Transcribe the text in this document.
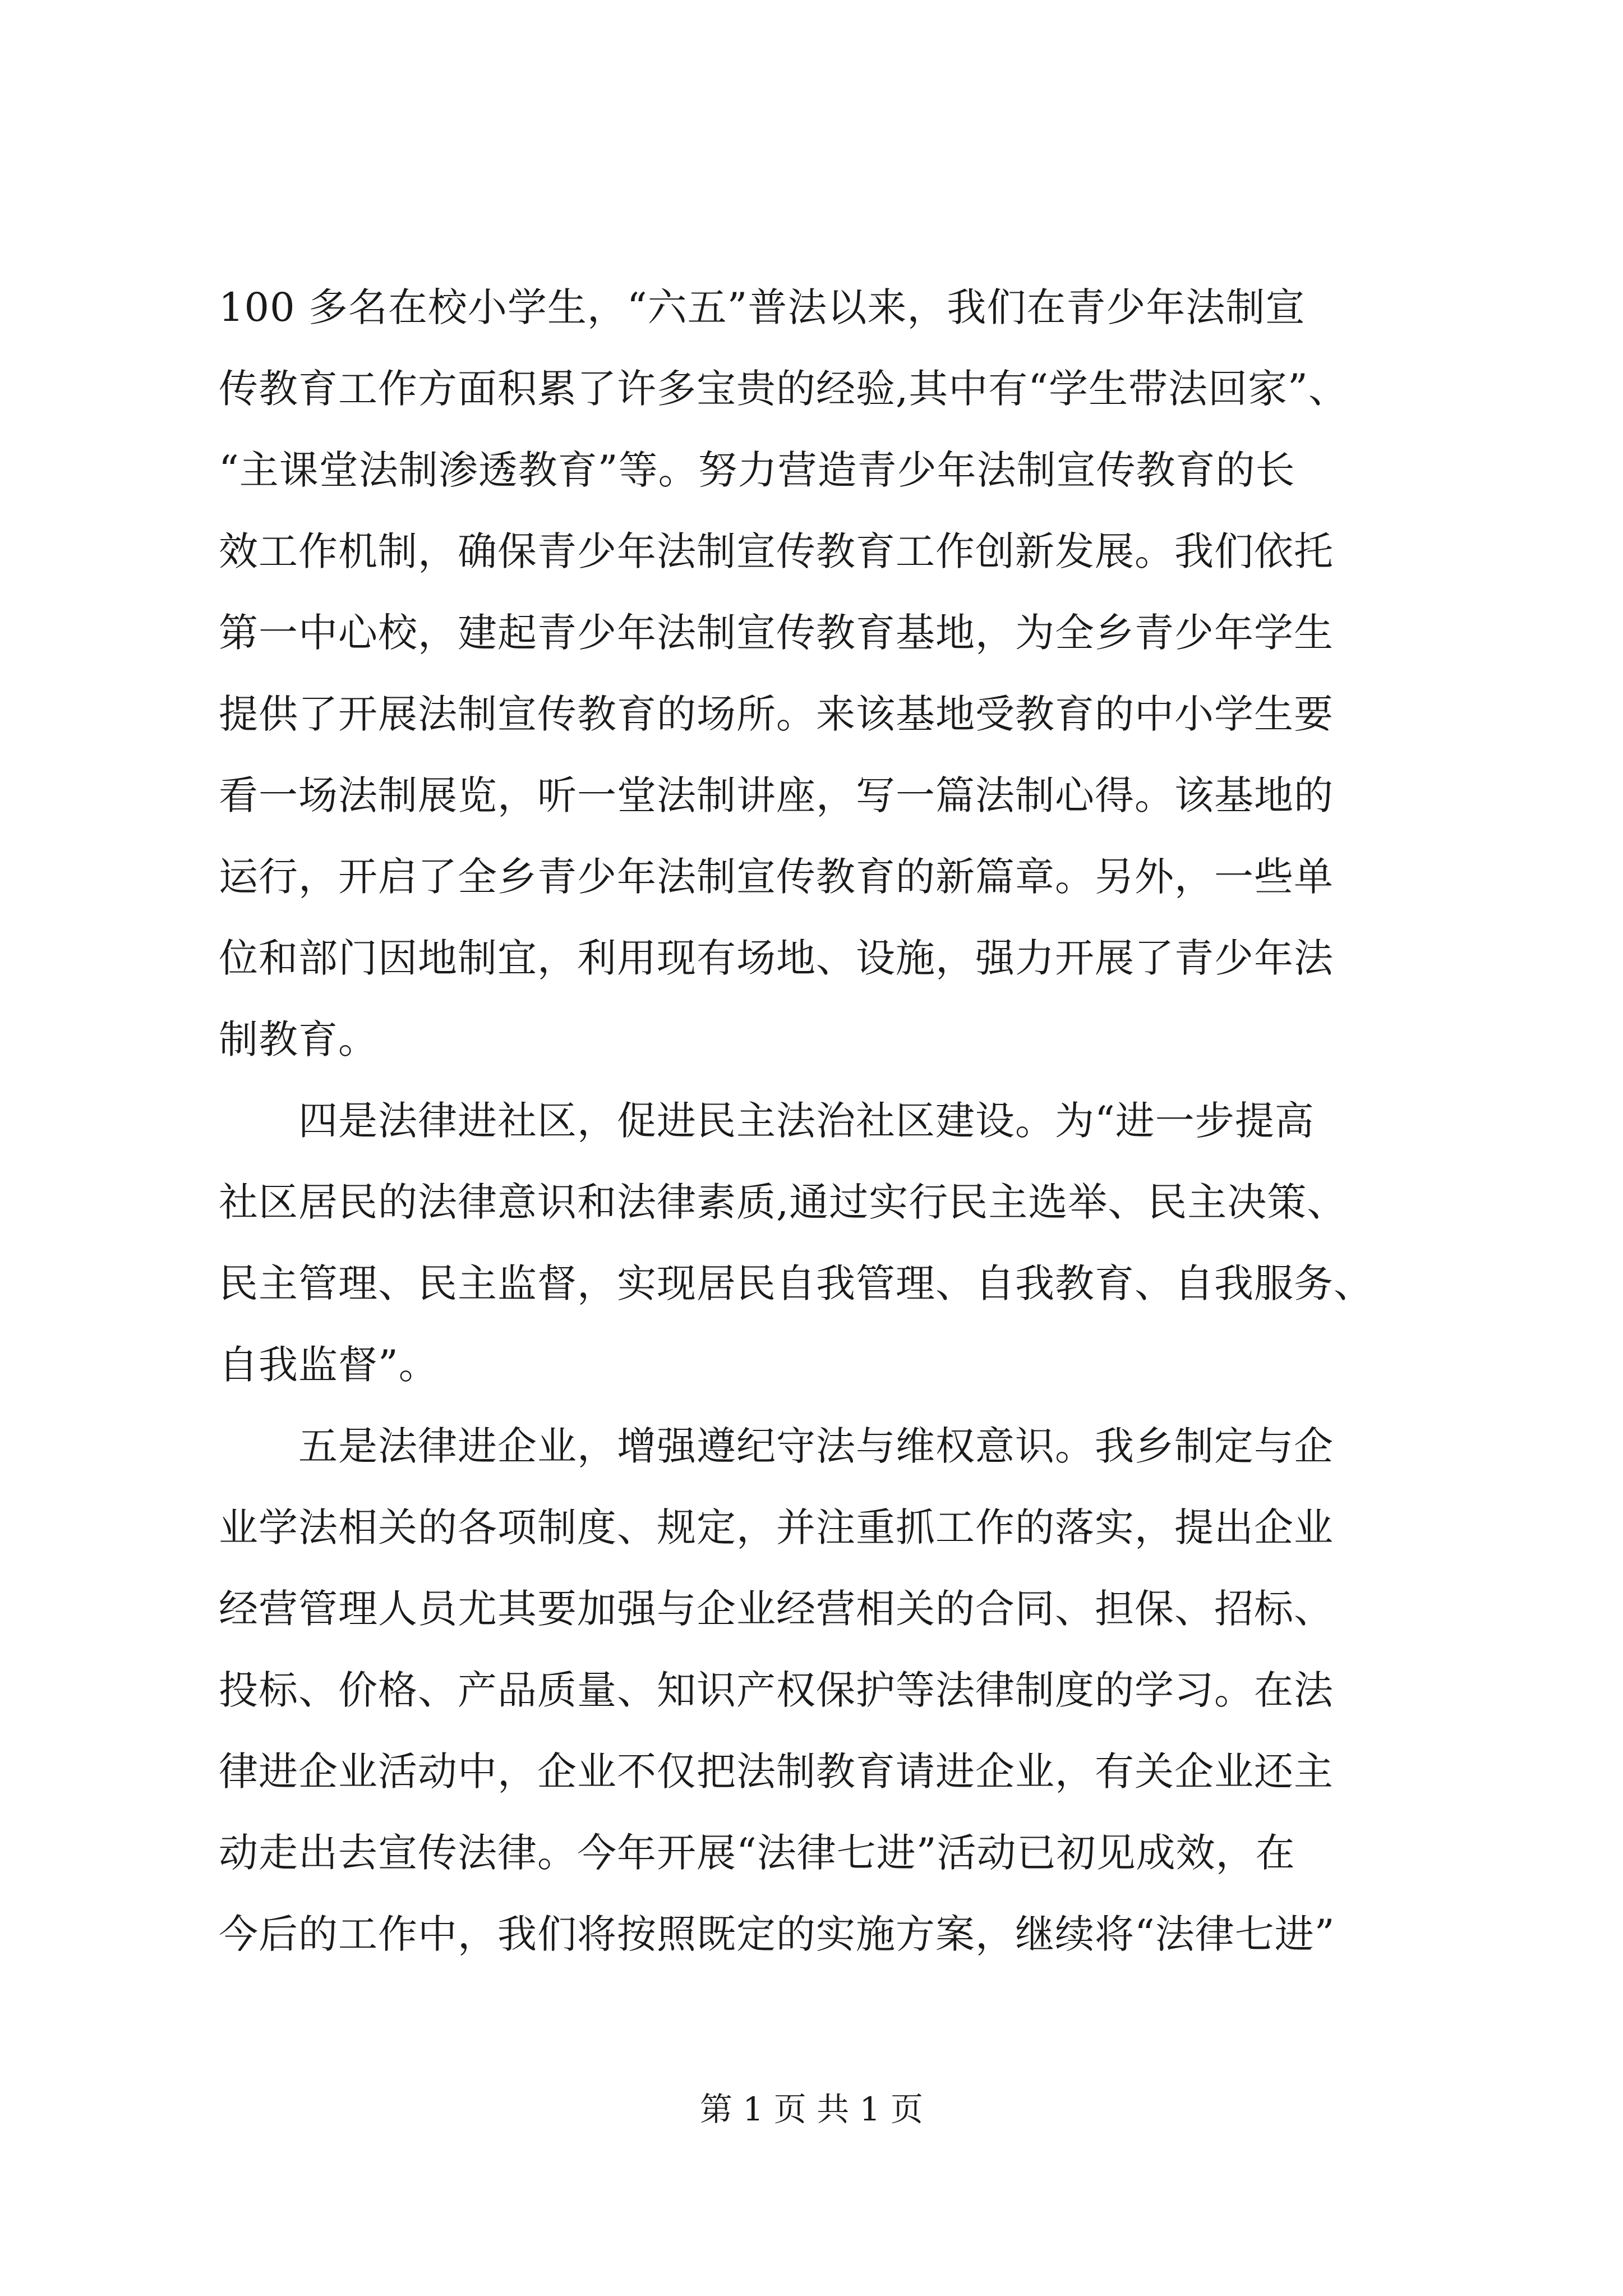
100 多名在校小学生，“六五”普法以来，我们在青少年法制宣
传教育工作方面积累了许多宝贵的经验,其中有“学生带法回家”、
“主课堂法制渗透教育”等。努力营造青少年法制宣传教育的长
效工作机制，确保青少年法制宣传教育工作创新发展。我们依托
第一中心校，建起青少年法制宣传教育基地，为全乡青少年学生
提供了开展法制宣传教育的场所。来该基地受教育的中小学生要
看一场法制展览，听一堂法制讲座，写一篇法制心得。该基地的
运行，开启了全乡青少年法制宣传教育的新篇章。另外，一些单
位和部门因地制宜，利用现有场地、设施，强力开展了青少年法
制教育。
　　四是法律进社区，促进民主法治社区建设。为“进一步提高
社区居民的法律意识和法律素质,通过实行民主选举、民主决策、
民主管理、民主监督，实现居民自我管理、自我教育、自我服务、
自我监督”。
　　五是法律进企业，增强遵纪守法与维权意识。我乡制定与企
业学法相关的各项制度、规定，并注重抓工作的落实，提出企业
经营管理人员尤其要加强与企业经营相关的合同、担保、招标、
投标、价格、产品质量、知识产权保护等法律制度的学习。在法
律进企业活动中，企业不仅把法制教育请进企业，有关企业还主
动走出去宣传法律。今年开展“法律七进”活动已初见成效，在
今后的工作中，我们将按照既定的实施方案，继续将“法律七进”
第 1 页 共 1 页
